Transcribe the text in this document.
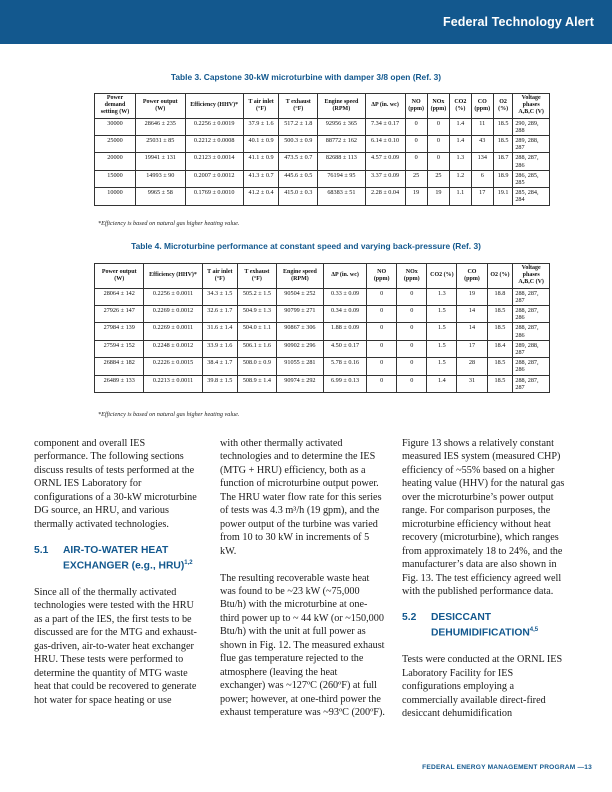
Federal Technology Alert
Table 3. Capstone 30-kW microturbine with damper 3/8 open (Ref. 3)
Power demand setting (W)	Power output (W)	Efficiency (HHV)*	T air inlet (°F)	T exhaust (°F)	Engine speed (RPM)	ΔP (in. wc)	NO (ppm)	NOx (ppm)	CO2 (%)	CO (ppm)	O2 (%)	Voltage phases A,B,C (V)
30000	28646 ± 235	0.2256 ± 0.0019	37.9 ± 1.6	517.2 ± 1.8	92956 ± 365	7.34 ± 0.17	0	0	1.4	11	18.5	290, 289, 288
25000	25031 ± 85	0.2212 ± 0.0008	40.1 ± 0.9	500.3 ± 0.9	88772 ± 162	6.14 ± 0.10	0	0	1.4	43	18.5	289, 288, 287
20000	19941 ± 131	0.2123 ± 0.0014	41.1 ± 0.9	473.5 ± 0.7	82688 ± 113	4.57 ± 0.09	0	0	1.3	134	18.7	288, 287, 286
15000	14993 ± 90	0.2007 ± 0.0012	41.3 ± 0.7	445.6 ± 0.5	76194 ± 95	3.37 ± 0.09	25	25	1.2	6	18.9	286, 285, 285
10000	9965 ± 58	0.1769 ± 0.0010	41.2 ± 0.4	415.0 ± 0.3	68383 ± 51	2.28 ± 0.04	19	19	1.1	17	19.1	285, 284, 284
*Efficiency is based on natural gas higher heating value.
Table 4. Microturbine performance at constant speed and varying back-pressure (Ref. 3)
Power output (W)	Efficiency (HHV)*	T air inlet (°F)	T exhaust (°F)	Engine speed (RPM)	ΔP (in. wc)	NO (ppm)	NOx (ppm)	CO2 (%)	CO (ppm)	O2 (%)	Voltage phases A,B,C (V)
28064 ± 142	0.2256 ± 0.0011	34.3 ± 1.5	505.2 ± 1.5	90504 ± 252	0.33 ± 0.09	0	0	1.3	19	18.8	288, 287, 287
27926 ± 147	0.2269 ± 0.0012	32.6 ± 1.7	504.9 ± 1.3	90799 ± 271	0.34 ± 0.09	0	0	1.5	14	18.5	288, 287, 286
27984 ± 139	0.2269 ± 0.0011	31.6 ± 1.4	504.0 ± 1.1	90867 ± 306	1.88 ± 0.09	0	0	1.5	14	18.5	288, 287, 286
27594 ± 152	0.2248 ± 0.0012	33.9 ± 1.6	506.1 ± 1.6	90902 ± 296	4.50 ± 0.17	0	0	1.5	17	18.4	289, 288, 287
26884 ± 182	0.2226 ± 0.0015	38.4 ± 1.7	508.0 ± 0.9	91055 ± 281	5.78 ± 0.16	0	0	1.5	28	18.5	288, 287, 286
26489 ± 133	0.2213 ± 0.0011	39.8 ± 1.5	508.9 ± 1.4	90974 ± 292	6.99 ± 0.13	0	0	1.4	31	18.5	288, 287, 287
*Efficiency is based on natural gas higher heating value.

component and overall IES performance. The following sections discuss results of tests performed at the ORNL IES Laboratory for configurations of a 30-kW microturbine DG source, an HRU, and various thermally activated technologies.

5.1 AIR-TO-WATER HEAT EXCHANGER (e.g., HRU)$^{1,2}$

Since all of the thermally activated technologies were tested with the HRU as a part of the IES, the first tests to be discussed are for the MTG and exhaust-gas-driven, air-to-water heat exchanger HRU. These tests were performed to determine the quantity of MTG waste heat that could be recovered to generate hot water for space heating or use

with other thermally activated technologies and to determine the IES (MTG + HRU) efficiency, both as a function of microturbine output power. The HRU water flow rate for this series of tests was 4.3 m³/h (19 gpm), and the power output of the turbine was varied from 10 to 30 kW in increments of 5 kW.

The resulting recoverable waste heat was found to be ~23 kW (~75,000 Btu/h) with the microturbine at one-third power up to ~ 44 kW (or ~150,000 Btu/h) with the unit at full power as shown in Fig. 12. The measured exhaust flue gas temperature rejected to the atmosphere (leaving the heat exchanger) was ~127ºC (260ºF) at full power; however, at one-third power the exhaust temperature was ~93ºC (200ºF).

Figure 13 shows a relatively constant measured IES system (measured CHP) efficiency of ~55% based on a higher heating value (HHV) for the natural gas over the microturbine’s power output range. For comparison purposes, the microturbine efficiency without heat recovery (microturbine), which ranges from approximately 18 to 24%, and the manufacturer’s data are also shown in Fig. 13. The test efficiency agreed well with the published performance data.

5.2 DESICCANT DEHUMIDIFICATION$^{4,5}$

Tests were conducted at the ORNL IES Laboratory Facility for IES configurations employing a commercially available direct-fired desiccant dehumidification

FEDERAL ENERGY MANAGEMENT PROGRAM —13
